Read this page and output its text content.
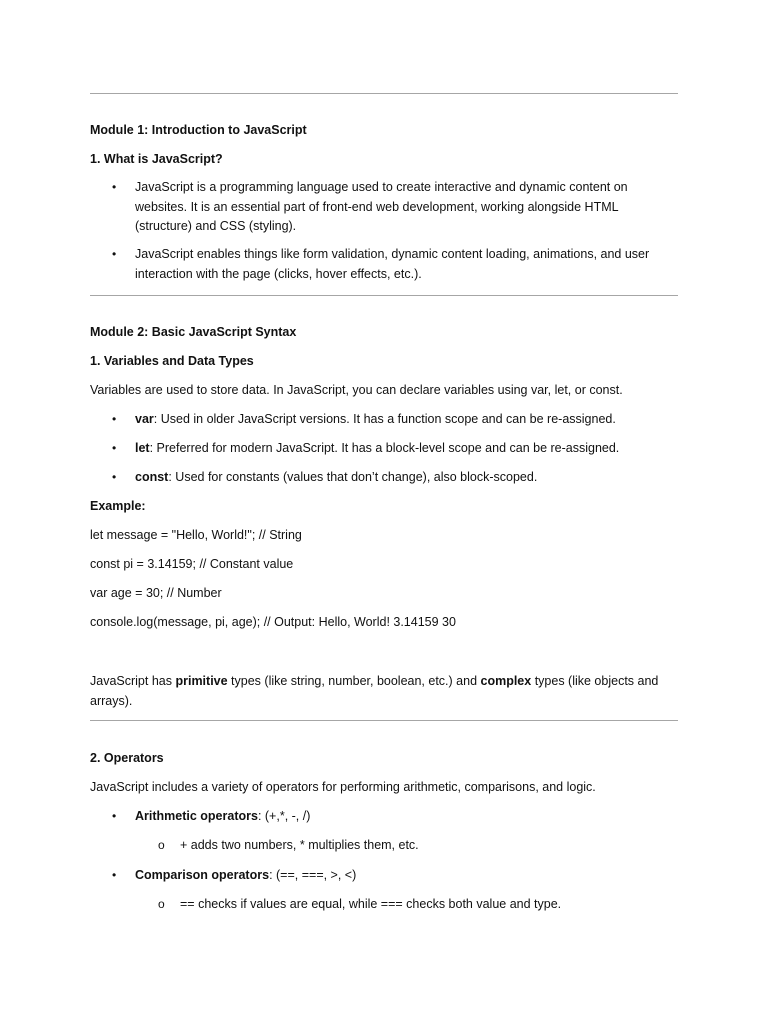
Module 1: Introduction to JavaScript
1. What is JavaScript?
• JavaScript is a programming language used to create interactive and dynamic content on websites. It is an essential part of front-end web development, working alongside HTML (structure) and CSS (styling).
• JavaScript enables things like form validation, dynamic content loading, animations, and user interaction with the page (clicks, hover effects, etc.).
Module 2: Basic JavaScript Syntax
1. Variables and Data Types
Variables are used to store data. In JavaScript, you can declare variables using var, let, or const.
• var: Used in older JavaScript versions. It has a function scope and can be re-assigned.
• let: Preferred for modern JavaScript. It has a block-level scope and can be re-assigned.
• const: Used for constants (values that don’t change), also block-scoped.
Example:
let message = "Hello, World!"; // String
const pi = 3.14159; // Constant value
var age = 30; // Number
console.log(message, pi, age); // Output: Hello, World! 3.14159 30
JavaScript has primitive types (like string, number, boolean, etc.) and complex types (like objects and arrays).
2. Operators
JavaScript includes a variety of operators for performing arithmetic, comparisons, and logic.
• Arithmetic operators: (+,*, -, /)
o + adds two numbers, * multiplies them, etc.
• Comparison operators: (==, ===, >, <)
o == checks if values are equal, while === checks both value and type.
